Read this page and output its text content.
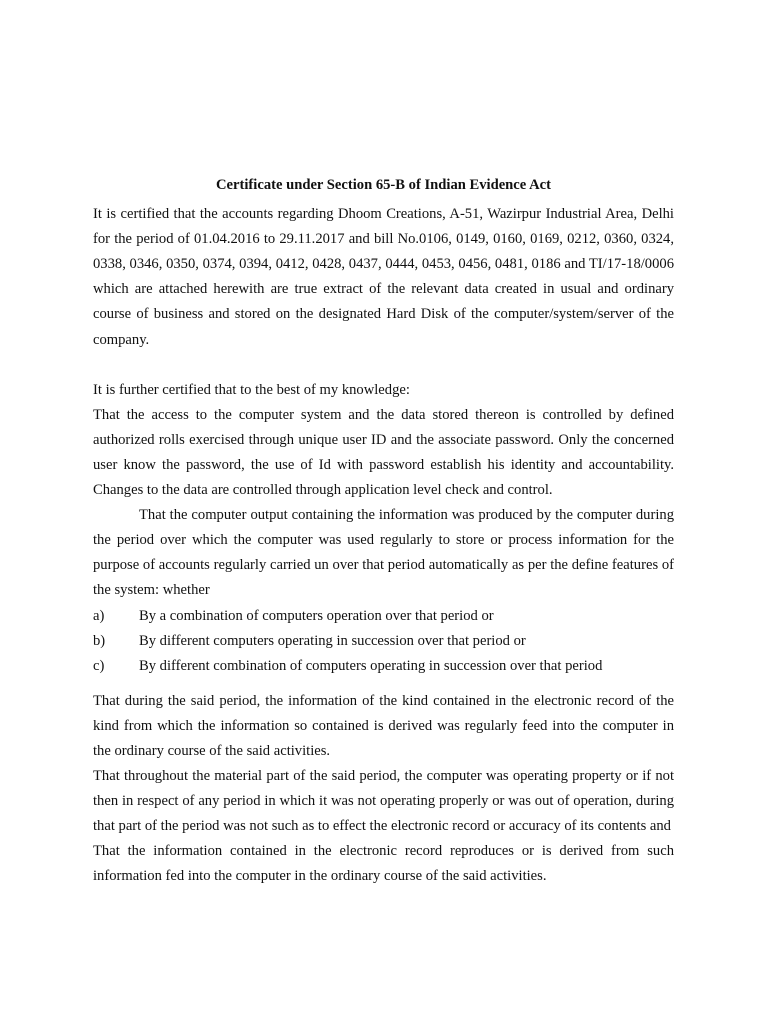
Certificate under Section 65-B of Indian Evidence Act

It is certified that the accounts regarding Dhoom Creations, A-51, Wazirpur Industrial Area, Delhi for the period of 01.04.2016 to 29.11.2017 and bill No.0106, 0149, 0160, 0169, 0212, 0360, 0324, 0338, 0346, 0350, 0374, 0394, 0412, 0428, 0437, 0444, 0453, 0456, 0481, 0186 and TI/17-18/0006 which are attached herewith are true extract of the relevant data created in usual and ordinary course of business and stored on the designated Hard Disk of the computer/system/server of the company.

It is further certified that to the best of my knowledge:

That the access to the computer system and the data stored thereon is controlled by defined authorized rolls exercised through unique user ID and the associate password. Only the concerned user know the password, the use of Id with password establish his identity and accountability. Changes to the data are controlled through application level check and control.

That the computer output containing the information was produced by the computer during the period over which the computer was used regularly to store or process information for the purpose of accounts regularly carried un over that period automatically as per the define features of the system: whether

a)	By a combination of computers operation over that period or
b)	By different computers operating in succession over that period or
c)	By different combination of computers operating in succession over that period

That during the said period, the information of the kind contained in the electronic record of the kind from which the information so contained is derived was regularly feed into the computer in the ordinary course of the said activities.

That throughout the material part of the said period, the computer was operating property or if not then in respect of any period in which it was not operating properly or was out of operation, during that part of the period was not such as to effect the electronic record or accuracy of its contents and

That the information contained in the electronic record reproduces or is derived from such information fed into the computer in the ordinary course of the said activities.
